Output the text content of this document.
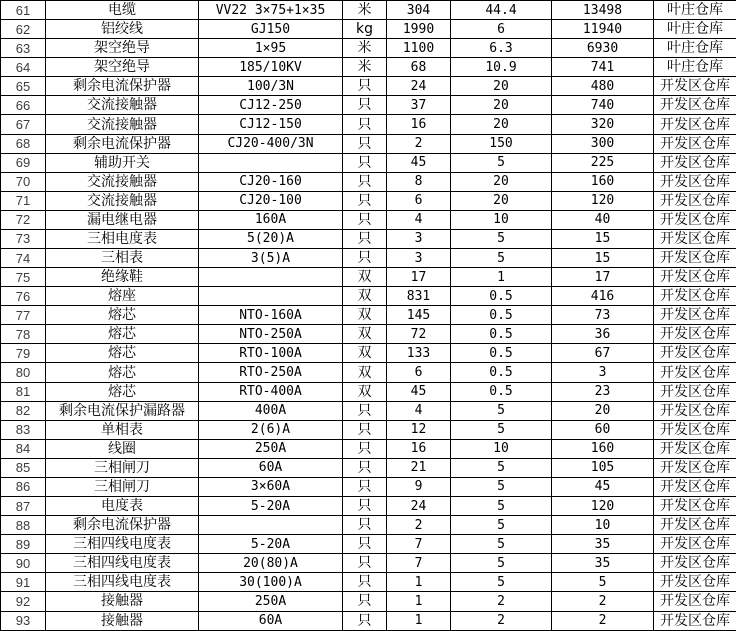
61	电缆	VV22 3×75+1×35	米	304	44.4	13498	叶庄仓库
62	铝绞线	GJ150	kg	1990	6	11940	叶庄仓库
63	架空绝导	1×95	米	1100	6.3	6930	叶庄仓库
64	架空绝导	185/10KV	米	68	10.9	741	叶庄仓库
65	剩余电流保护器	100/3N	只	24	20	480	开发区仓库
66	交流接触器	CJ12-250	只	37	20	740	开发区仓库
67	交流接触器	CJ12-150	只	16	20	320	开发区仓库
68	剩余电流保护器	CJ20-400/3N	只	2	150	300	开发区仓库
69	辅助开关		只	45	5	225	开发区仓库
70	交流接触器	CJ20-160	只	8	20	160	开发区仓库
71	交流接触器	CJ20-100	只	6	20	120	开发区仓库
72	漏电继电器	160A	只	4	10	40	开发区仓库
73	三相电度表	5(20)A	只	3	5	15	开发区仓库
74	三相表	3(5)A	只	3	5	15	开发区仓库
75	绝缘鞋		双	17	1	17	开发区仓库
76	熔座		双	831	0.5	416	开发区仓库
77	熔芯	NTO-160A	双	145	0.5	73	开发区仓库
78	熔芯	NTO-250A	双	72	0.5	36	开发区仓库
79	熔芯	RTO-100A	双	133	0.5	67	开发区仓库
80	熔芯	RTO-250A	双	6	0.5	3	开发区仓库
81	熔芯	RTO-400A	双	45	0.5	23	开发区仓库
82	剩余电流保护漏路器	400A	只	4	5	20	开发区仓库
83	单相表	2(6)A	只	12	5	60	开发区仓库
84	线圈	250A	只	16	10	160	开发区仓库
85	三相闸刀	60A	只	21	5	105	开发区仓库
86	三相闸刀	3×60A	只	9	5	45	开发区仓库
87	电度表	5-20A	只	24	5	120	开发区仓库
88	剩余电流保护器		只	2	5	10	开发区仓库
89	三相四线电度表	5-20A	只	7	5	35	开发区仓库
90	三相四线电度表	20(80)A	只	7	5	35	开发区仓库
91	三相四线电度表	30(100)A	只	1	5	5	开发区仓库
92	接触器	250A	只	1	2	2	开发区仓库
93	接触器	60A	只	1	2	2	开发区仓库
